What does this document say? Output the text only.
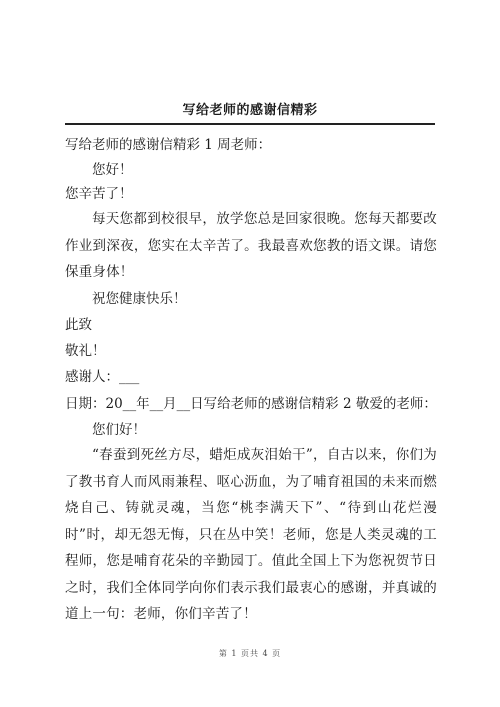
写给老师的感谢信精彩
写给老师的感谢信精彩 1 周老师：
您好！
您辛苦了！
每天您都到校很早，放学您总是回家很晚。您每天都要改作业到深夜，您实在太辛苦了。我最喜欢您教的语文课。请您保重身体！
祝您健康快乐！
此致
敬礼！
感谢人：___
日期：20__年__月__日写给老师的感谢信精彩 2 敬爱的老师：
您们好！
“春蚕到死丝方尽，蜡炬成灰泪始干”，自古以来，你们为了教书育人而风雨兼程、呕心沥血，为了哺育祖国的未来而燃烧自己、铸就灵魂，当您“桃李满天下”、“待到山花烂漫时”时，却无怨无悔，只在丛中笑！老师，您是人类灵魂的工程师，您是哺育花朵的辛勤园丁。值此全国上下为您祝贺节日之时，我们全体同学向你们表示我们最衷心的感谢，并真诚的道上一句：老师，你们辛苦了！
第 1 页共 4 页
